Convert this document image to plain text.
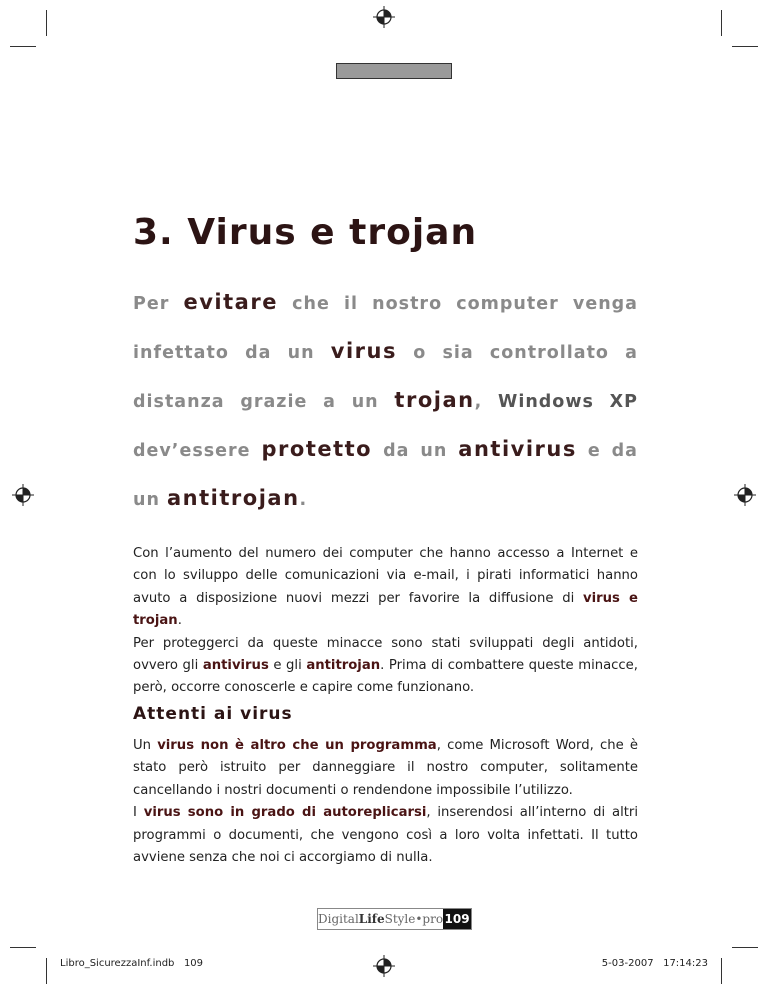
3. Virus e trojan

Per evitare che il nostro computer venga infettato da un virus o sia controllato a distanza grazie a un trojan, Windows XP dev’essere protetto da un antivirus e da un antitrojan.

Con l’aumento del numero dei computer che hanno accesso a Internet e con lo sviluppo delle comunicazioni via e-mail, i pirati informatici hanno avuto a disposizione nuovi mezzi per favorire la diffusione di virus e trojan.
Per proteggerci da queste minacce sono stati sviluppati degli antidoti, ovvero gli antivirus e gli antitrojan. Prima di combattere queste minacce, però, occorre conoscerle e capire come funzionano.

Attenti ai virus

Un virus non è altro che un programma, come Microsoft Word, che è stato però istruito per danneggiare il nostro computer, solitamente cancellando i nostri documenti o rendendone impossibile l’utilizzo.
I virus sono in grado di autoreplicarsi, inserendosi all’interno di altri programmi o documenti, che vengono così a loro volta infettati. Il tutto avviene senza che noi ci accorgiamo di nulla.

Digital Life Style•pro 109
Libro_SicurezzaInf.indb   109	5-03-2007   17:14:23
